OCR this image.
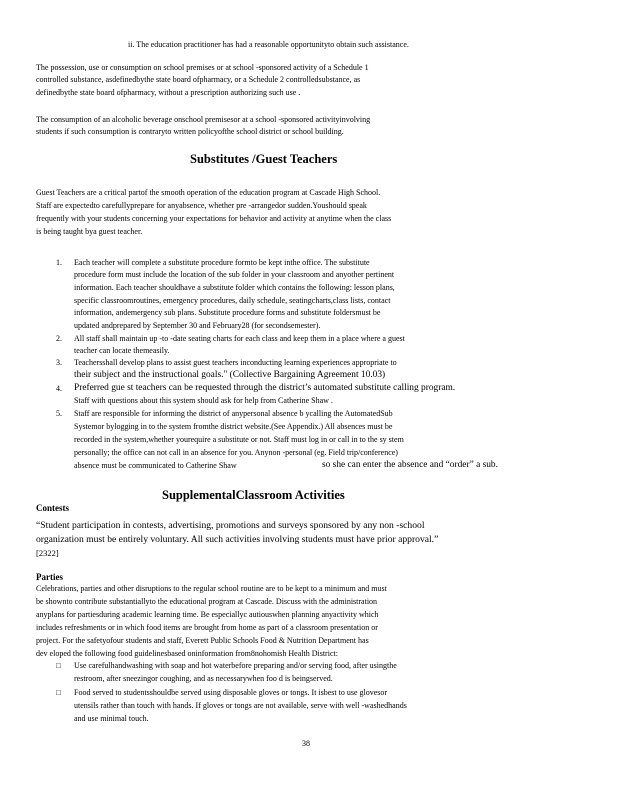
ii. The education practitioner has had a reasonable opportunityto obtain such assistance.
The possession, use or consumption on school premises or at school -sponsored activity of a Schedule 1
controlled substance, asdefinedbythe state board ofpharmacy, or a Schedule 2 controlledsubstance, as
definedbythe state board ofpharmacy, without a prescription authorizing such use .
The consumption of an alcoholic beverage onschool premisesor at a school -sponsored activityinvolving
students if such consumption is contraryto written policyofthe school district or school building.
Substitutes /Guest Teachers
Guest Teachers are a critical partof the smooth operation of the education program at Cascade High School.
Staff are expectedto carefullyprepare for anyabsence, whether pre -arrangedor sudden.Youshould speak
frequently with your students concerning your expectations for behavior and activity at anytime when the class
is being taught bya guest teacher.
1. Each teacher will complete a substitute procedure formto be kept inthe office. The substitute
procedure form must include the location of the sub folder in your classroom and anyother pertinent
information. Each teacher shouldhave a substitute folder which contains the following: lesson plans,
specific classroomroutines, emergency procedures, daily schedule, seatingcharts,class lists, contact
information, andemergency sub plans. Substitute procedure forms and substitute foldersmust be
updated andprepared by September 30 and February28 (for secondsemester).
2. All staff shall maintain up -to -date seating charts for each class and keep them in a place where a guest
teacher can locate themeasily.
3. Teachersshall develop plans to assist guest teachers inconducting learning experiences appropriate to
their subject and the instructional goals." (Collective Bargaining Agreement 10.03)
4. Preferred gue st teachers can be requested through the district’s automated substitute calling program.
Staff with questions about this system should ask for help from Catherine Shaw .
5. Staff are responsible for informing the district of anypersonal absence b ycalling the AutomatedSub
Systemor bylogging in to the system fromthe district website.(See Appendix.) All absences must be
recorded in the system,whether yourequire a substitute or not. Staff must log in or call in to the sy stem
personally; the office can not call in an absence for you. Anynon -personal (eg. Field trip/conference)
absence must be communicated to Catherine Shaw	so she can enter the absence and “order” a sub.
SupplementalClassroom Activities
Contests
“Student participation in contests, advertising, promotions and surveys sponsored by any non -school
organization must be entirely voluntary. All such activities involving students must have prior approval.”
[2322]
Parties
Celebrations, parties and other disruptions to the regular school routine are to be kept to a minimum and must
be shownto contribute substantiallyto the educational program at Cascade. Discuss with the administration
anyplans for partiesduring academic learning time. Be especiallyc autiouswhen planning anyactivity which
includes refreshments or in which food items are brought from home as part of a classroom presentation or
project. For the safetyofour students and staff, Everett Public Schools Food & Nutrition Department has
dev eloped the following food guidelinesbased oninformation from8nohomish Health District:
□ Use carefulhandwashing with soap and hot waterbefore preparing and/or serving food, after usingthe
restroom, after sneezingor coughing, and as necessarywhen foo d is beingserved.
□ Food served to studentsshouldbe served using disposable gloves or tongs. It isbest to use glovesor
utensils rather than touch with hands. If gloves or tongs are not available, serve with well -washedhands
and use minimal touch.
38
